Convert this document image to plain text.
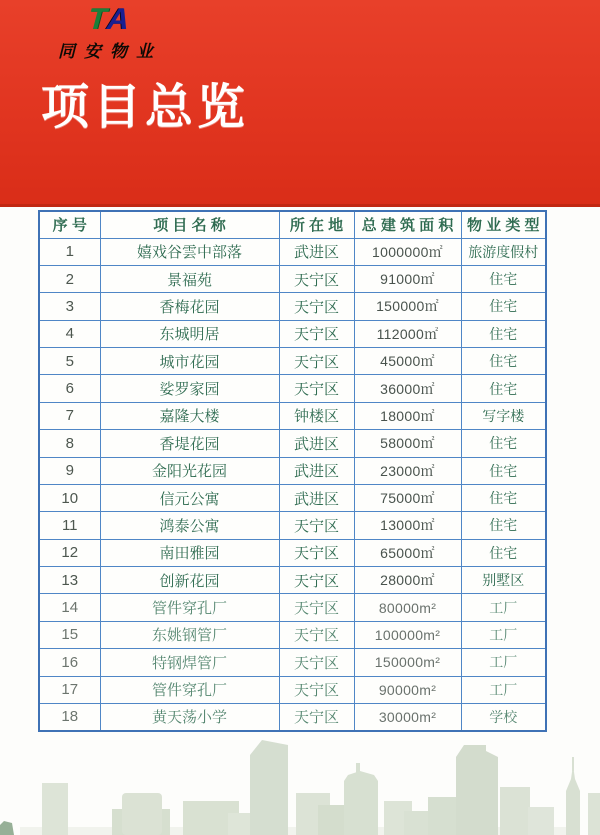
TA
同安物业
项目总览
序 号	项 目 名 称	所 在 地	总 建 筑 面 积	物 业 类 型
1	嬉戏谷雲中部落	武进区	1000000㎡	旅游度假村
2	景福苑	天宁区	91000㎡	住宅
3	香梅花园	天宁区	150000㎡	住宅
4	东城明居	天宁区	112000㎡	住宅
5	城市花园	天宁区	45000㎡	住宅
6	娑罗家园	天宁区	36000㎡	住宅
7	嘉隆大楼	钟楼区	18000㎡	写字楼
8	香堤花园	武进区	58000㎡	住宅
9	金阳光花园	武进区	23000㎡	住宅
10	信元公寓	武进区	75000㎡	住宅
11	鸿泰公寓	天宁区	13000㎡	住宅
12	南田雅园	天宁区	65000㎡	住宅
13	创新花园	天宁区	28000㎡	别墅区
14	管件穿孔厂	天宁区	80000m²	工厂
15	东姚钢管厂	天宁区	100000m²	工厂
16	特钢焊管厂	天宁区	150000m²	工厂
17	管件穿孔厂	天宁区	90000m²	工厂
18	黄天荡小学	天宁区	30000m²	学校
